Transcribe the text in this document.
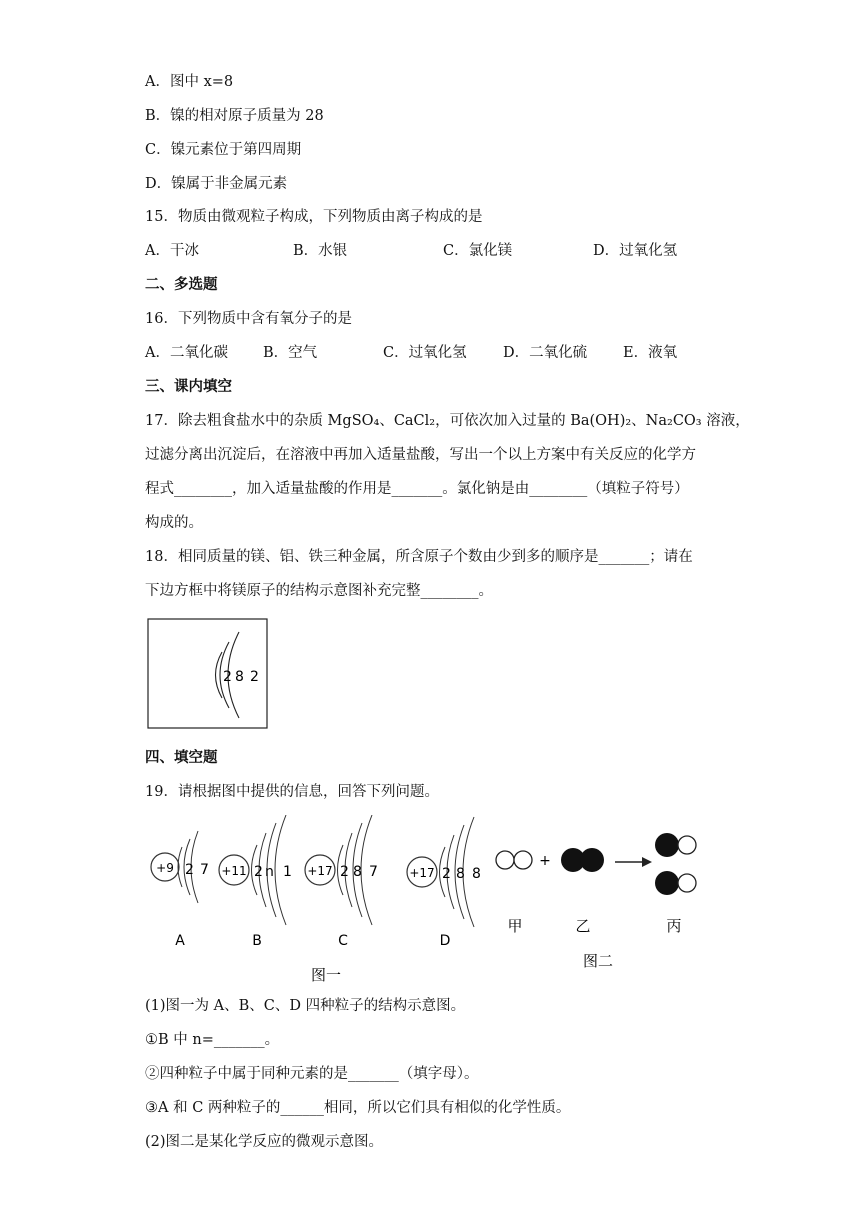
A．图中 x=8
B．镍的相对原子质量为 28
C．镍元素位于第四周期
D．镍属于非金属元素
15．物质由微观粒子构成，下列物质由离子构成的是
A．干冰	B．水银	C．氯化镁	D．过氧化氢
二、多选题
16．下列物质中含有氧分子的是
A．二氧化碳 B．空气	C．过氧化氢	D．二氧化硫 E．液氧
三、课内填空
17．除去粗食盐水中的杂质 MgSO₄、CaCl₂，可依次加入过量的 Ba(OH)₂、Na₂CO₃ 溶液，
过滤分离出沉淀后，在溶液中再加入适量盐酸，写出一个以上方案中有关反应的化学方
程式________，加入适量盐酸的作用是_______。氯化钠是由________（填粒子符号）
构成的。
18．相同质量的镁、铝、铁三种金属，所含原子个数由少到多的顺序是_______；请在
下边方框中将镁原子的结构示意图补充完整________。
2 8 2
四、填空题
19．请根据图中提供的信息，回答下列问题。
+9 2 7
A
+11 2 n 1
B
+17 2 8 7
C
+17 2 8 8
D
图一
+
甲	乙	丙
图二
(1)图一为 A、B、C、D 四种粒子的结构示意图。
①B 中 n=_______。
②四种粒子中属于同种元素的是_______（填字母）。
③A 和 C 两种粒子的______相同，所以它们具有相似的化学性质。
(2)图二是某化学反应的微观示意图。
